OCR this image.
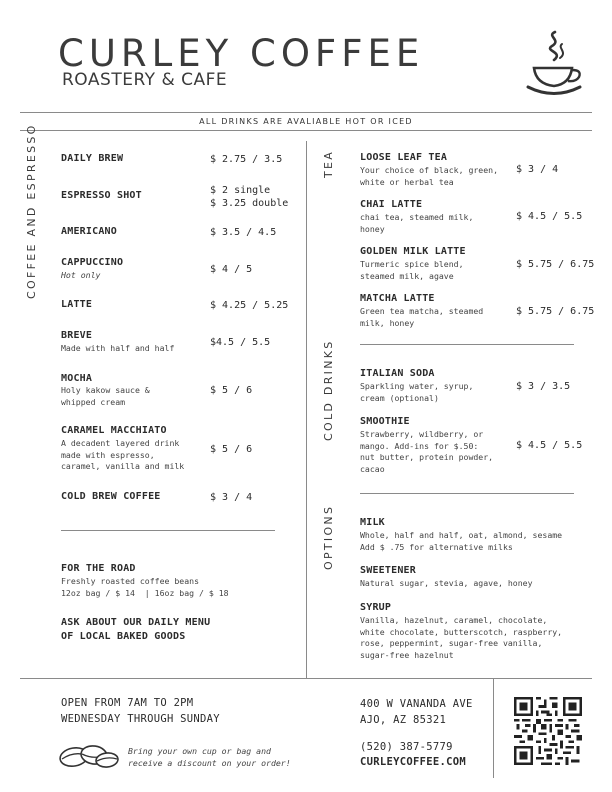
CURLEY COFFEE
ROASTERY & CAFE
ALL DRINKS ARE AVALIABLE HOT OR ICED
COFFEE AND ESPRESSO	TEA
COLD DRINKS
OPTIONS
DAILY BREW	$ 2.75 / 3.5
ESPRESSO SHOT	$ 2 single
$ 3.25 double
AMERICANO	$ 3.5 / 4.5
CAPPUCCINO
Hot only	$ 4 / 5
LATTE	$ 4.25 / 5.25
BREVE
Made with half and half	$4.5 / 5.5
MOCHA
Holy kakow sauce & whipped cream
$ 5 / 6
CARAMEL MACCHIATO
A decadent layered drink made with espresso, caramel, vanilla and milk
$ 5 / 6
COLD BREW COFFEE	$ 3 / 4
FOR THE ROAD
Freshly roasted coffee beans
12oz bag / $ 14  | 16oz bag / $ 18
ASK ABOUT OUR DAILY MENU
OF LOCAL BAKED GOODS
LOOSE LEAF TEA
Your choice of black, green, white or herbal tea
$ 3 / 4
CHAI LATTE
chai tea, steamed milk, honey
$ 4.5 / 5.5
GOLDEN MILK LATTE
Turmeric spice blend, steamed milk, agave
$ 5.75 / 6.75
MATCHA LATTE
Green tea matcha, steamed milk, honey
$ 5.75 / 6.75
ITALIAN SODA
Sparkling water, syrup, cream (optional)
$ 3 / 3.5
SMOOTHIE
Strawberry, wildberry, or mango. Add-ins for $.50: nut butter, protein powder, cacao
$ 4.5 / 5.5
MILK
Whole, half and half, oat, almond, sesame
Add $ .75 for alternative milks
SWEETENER
Natural sugar, stevia, agave, honey
SYRUP
Vanilla, hazelnut, caramel, chocolate, white chocolate, butterscotch, raspberry, rose, peppermint, sugar-free vanilla, sugar-free hazelnut
OPEN FROM 7AM TO 2PM
WEDNESDAY THROUGH SUNDAY
Bring your own cup or bag and
receive a discount on your order!
400 W VANANDA AVE
AJO, AZ 85321
(520) 387-5779
CURLEYCOFFEE.COM
